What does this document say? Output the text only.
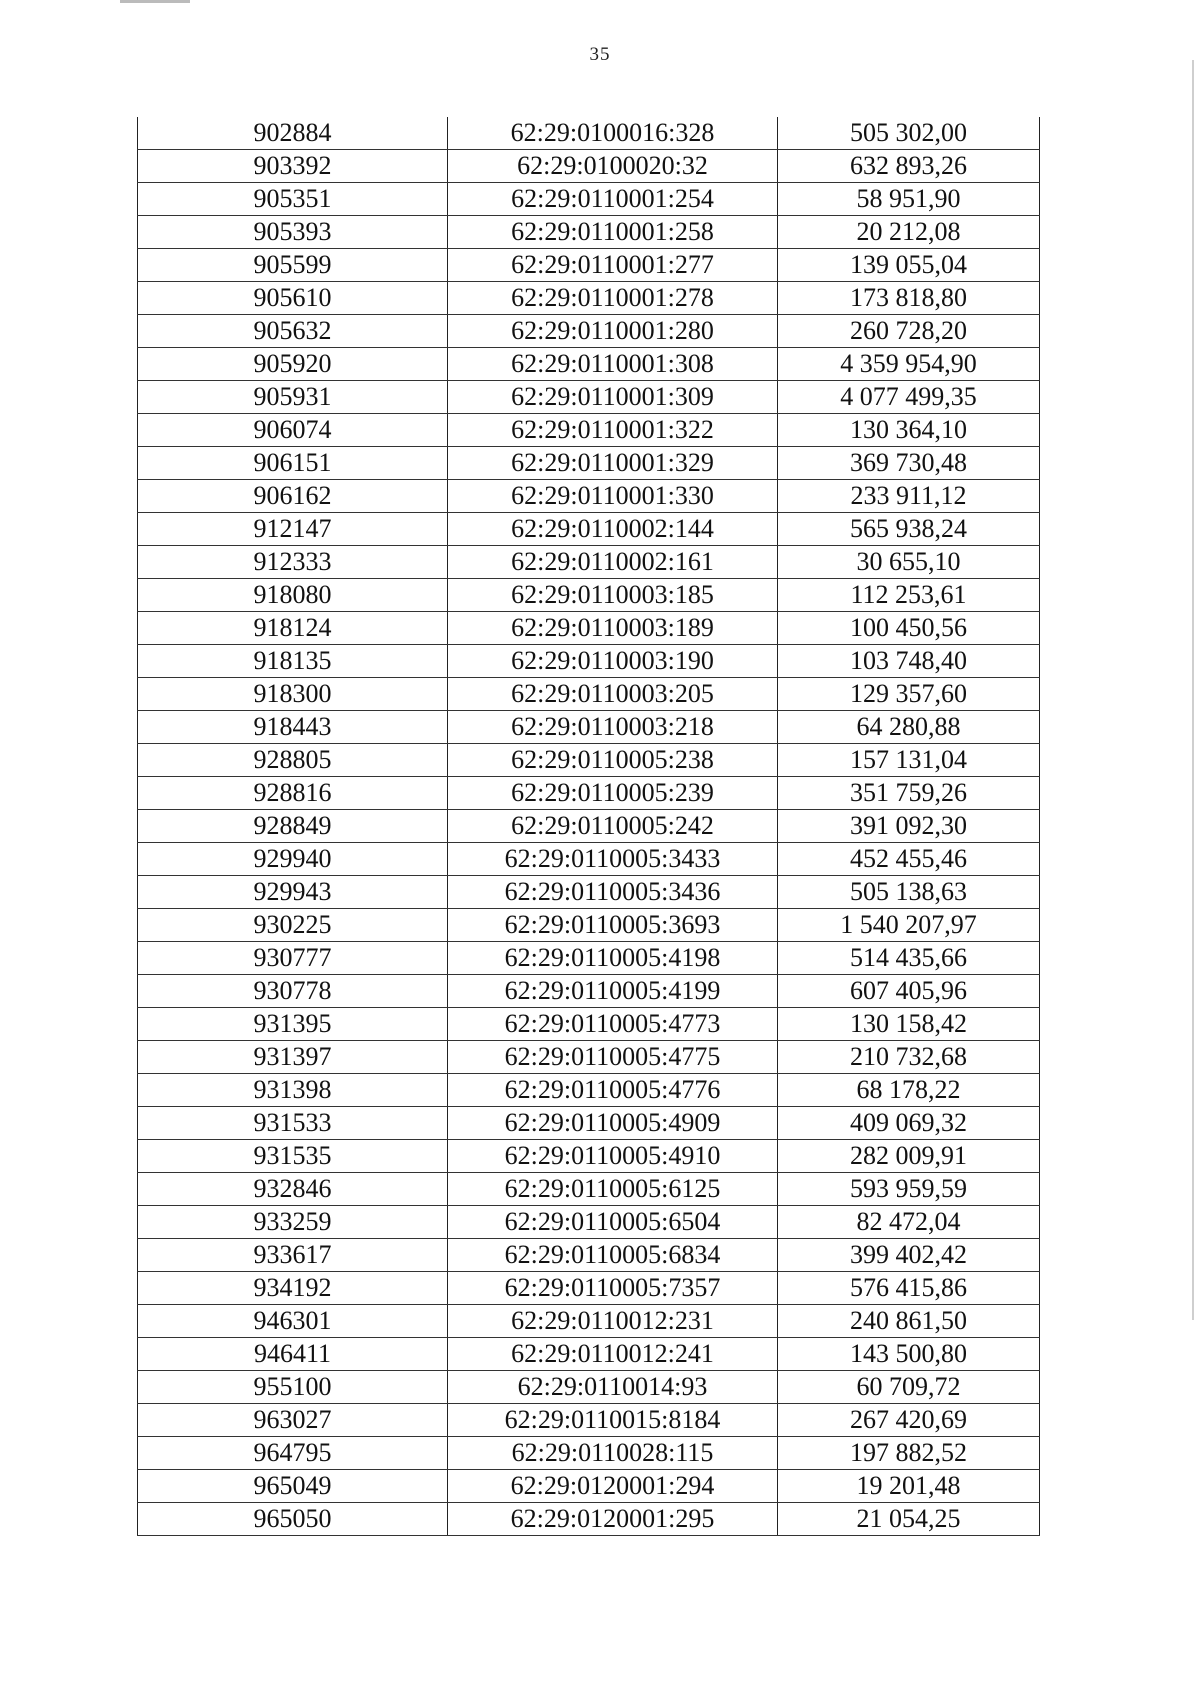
35
902884	62:29:0100016:328	505 302,00
903392	62:29:0100020:32	632 893,26
905351	62:29:0110001:254	58 951,90
905393	62:29:0110001:258	20 212,08
905599	62:29:0110001:277	139 055,04
905610	62:29:0110001:278	173 818,80
905632	62:29:0110001:280	260 728,20
905920	62:29:0110001:308	4 359 954,90
905931	62:29:0110001:309	4 077 499,35
906074	62:29:0110001:322	130 364,10
906151	62:29:0110001:329	369 730,48
906162	62:29:0110001:330	233 911,12
912147	62:29:0110002:144	565 938,24
912333	62:29:0110002:161	30 655,10
918080	62:29:0110003:185	112 253,61
918124	62:29:0110003:189	100 450,56
918135	62:29:0110003:190	103 748,40
918300	62:29:0110003:205	129 357,60
918443	62:29:0110003:218	64 280,88
928805	62:29:0110005:238	157 131,04
928816	62:29:0110005:239	351 759,26
928849	62:29:0110005:242	391 092,30
929940	62:29:0110005:3433	452 455,46
929943	62:29:0110005:3436	505 138,63
930225	62:29:0110005:3693	1 540 207,97
930777	62:29:0110005:4198	514 435,66
930778	62:29:0110005:4199	607 405,96
931395	62:29:0110005:4773	130 158,42
931397	62:29:0110005:4775	210 732,68
931398	62:29:0110005:4776	68 178,22
931533	62:29:0110005:4909	409 069,32
931535	62:29:0110005:4910	282 009,91
932846	62:29:0110005:6125	593 959,59
933259	62:29:0110005:6504	82 472,04
933617	62:29:0110005:6834	399 402,42
934192	62:29:0110005:7357	576 415,86
946301	62:29:0110012:231	240 861,50
946411	62:29:0110012:241	143 500,80
955100	62:29:0110014:93	60 709,72
963027	62:29:0110015:8184	267 420,69
964795	62:29:0110028:115	197 882,52
965049	62:29:0120001:294	19 201,48
965050	62:29:0120001:295	21 054,25
